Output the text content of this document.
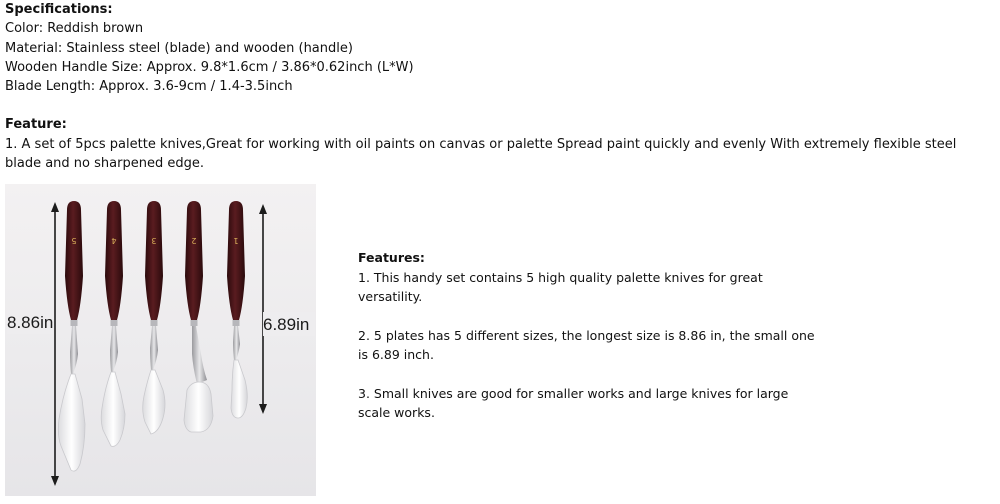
Specifications:
Color: Reddish brown
Material: Stainless steel (blade) and wooden (handle)
Wooden Handle Size: Approx. 9.8*1.6cm / 3.86*0.62inch (L*W)
Blade Length: Approx. 3.6-9cm / 1.4-3.5inch
Feature:
1. A set of 5pcs palette knives,Great for working with oil paints on canvas or palette Spread paint quickly and evenly With extremely flexible steel blade and no sharpened edge.
8.86in	6.89in
5	4	3	2	1
Features:
1. This handy set contains 5 high quality palette knives for great versatility.
2. 5 plates has 5 different sizes, the longest size is 8.86 in, the small one is 6.89 inch.
3. Small knives are good for smaller works and large knives for large scale works.
